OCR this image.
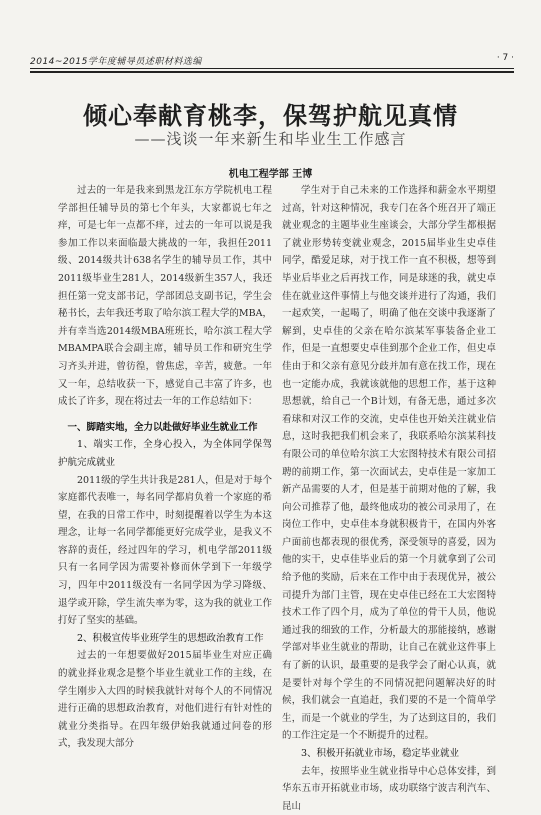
2014~2015学年度辅导员述职材料选编	· 7 ·
倾心奉献育桃李，保驾护航见真情
——浅谈一年来新生和毕业生工作感言
机电工程学部 王博

过去的一年是我来到黑龙江东方学院机电工程学部担任辅导员的第七个年头，大家都说七年之痒，可是七年一点都不痒，过去的一年可以说是我参加工作以来面临最大挑战的一年，我担任2011级、2014级共计638名学生的辅导员工作，其中2011级毕业生281人，2014级新生357人，我还担任第一党支部书记，学部团总支副书记，学生会秘书长，去年我还考取了哈尔滨工程大学的MBA，并有幸当选2014级MBA班班长，哈尔滨工程大学MBAMPA联合会副主席，辅导员工作和研究生学习齐头并进，曾彷徨，曾焦虑，辛苦，疲惫。一年又一年，总结收获一下，感觉自己丰富了许多，也成长了许多，现在将过去一年的工作总结如下：

一、脚踏实地，全力以赴做好毕业生就业工作

1、端实工作，全身心投入，为全体同学保驾护航完成就业

2011级的学生共计我是281人，但是对于每个家庭都代表唯一，每名同学都肩负着一个家庭的希望，在我的日常工作中，时刻提醒着以学生为本这理念，让每一名同学都能更好完成学业，是我义不容辞的责任，经过四年的学习，机电学部2011级只有一名同学因为需要补修而休学到下一年级学习，四年中2011级没有一名同学因为学习降级、退学或开除，学生流失率为零，这为我的就业工作打好了坚实的基础。

2、积极宣传毕业班学生的思想政治教育工作

过去的一年想要做好2015届毕业生对应正确的就业择业观念是整个毕业生就业工作的主线，在学生刚步入大四的时候我就针对每个人的不同情况进行正确的思想政治教育，对他们进行有针对性的就业分类指导。在四年级伊始我就通过问卷的形式，我发现大部分

学生对于自己未来的工作选择和薪金水平期望过高，针对这种情况，我专门在各个班召开了端正就业观念的主题毕业生座谈会，大部分学生都根据了就业形势转变就业观念，2015届毕业生史卓佳同学，酷爱足球，对于找工作一直不积极，想等到毕业后毕业之后再找工作，同是球迷的我，就史卓佳在就业这件事情上与他交谈并进行了沟通，我们一起欢笑，一起喝了，明确了他在交谈中我逐渐了解到，史卓佳的父亲在哈尔滨某军事装备企业工作，但是一直想要史卓佳到那个企业工作，但史卓佳由于和父亲有意见分歧并加有意在找工作，现在也一定能办成，我就该就他的思想工作，基于这种思想就，给自己一个B计划，有备无患，通过多次看球和对汉工作的交流，史卓佳也开始关注就业信息，这时我把我们机会来了，我联系哈尔滨某科技有限公司的单位哈尔滨工大宏图特技术有限公司招聘的前期工作，第一次面试去，史卓佳是一家加工新产品需要的人才，但是基于前期对他的了解，我向公司推荐了他，最终他成功的被公司录用了，在岗位工作中，史卓佳本身就积极肯干，在国内外客户面前也都表现的很优秀，深受领导的喜爱，因为他的实干，史卓佳毕业后的第一个月就拿到了公司给予他的奖励，后来在工作中由于表现优异，被公司提升为部门主管，现在史卓佳已经在工大宏图特技术工作了四个月，成为了单位的骨干人员，他说通过我的细致的工作，分析最大的那能接纳，感谢学部对毕业生就业的帮助，让自己在就业这件事上有了新的认识，最重要的是我学会了耐心认真，就是要针对每个学生的不同情况把问题解决好的时候，我们就会一直追赶，我们要的不是一个简单学生，而是一个就业的学生，为了达到这目的，我们的工作注定是一个不断提升的过程。

3、积极开拓就业市场，稳定毕业就业

去年，按照毕业生就业指导中心总体安排，到华东五市开拓就业市场，成功联络宁波吉利汽车、昆山
